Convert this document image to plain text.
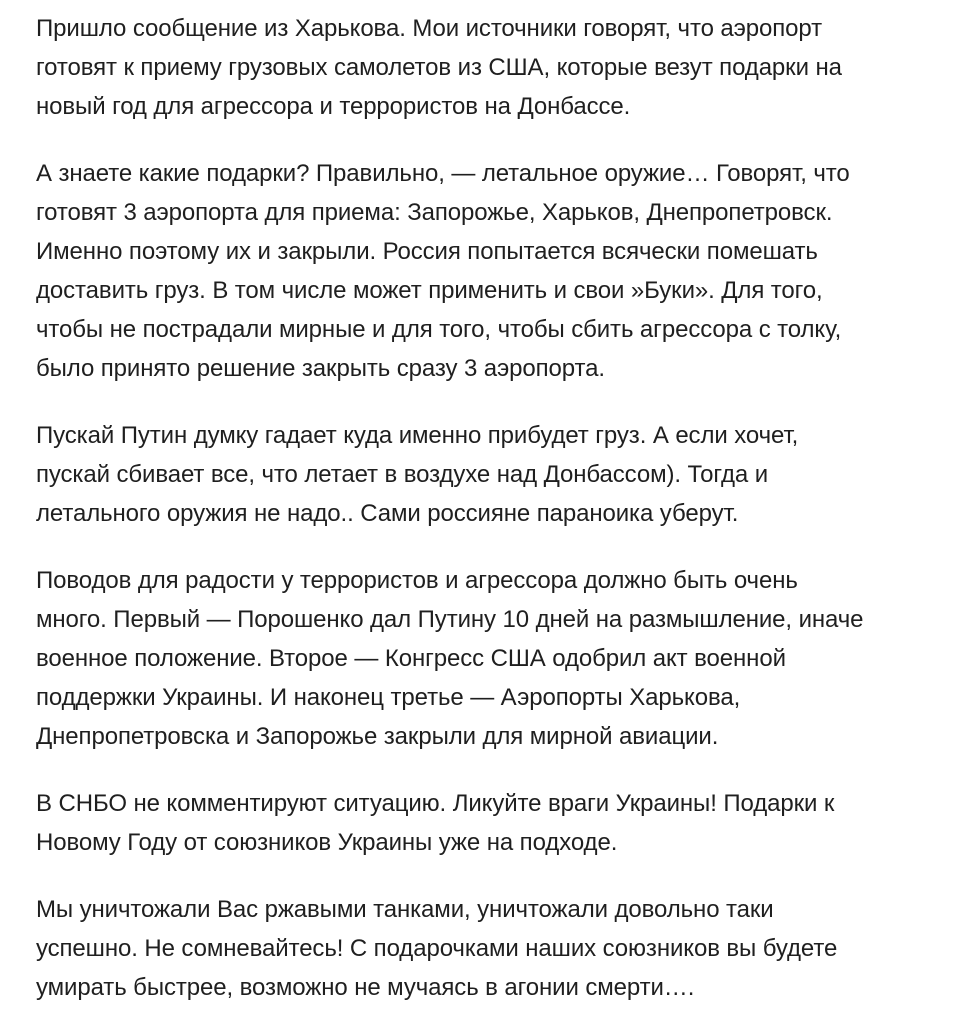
Пришло сообщение из Харькова. Мои источники говорят, что аэропорт
готовят к приему грузовых самолетов из США, которые везут подарки на
новый год для агрессора и террористов на Донбассе.

А знаете какие подарки? Правильно, — летальное оружие… Говорят, что
готовят 3 аэропорта для приема: Запорожье, Харьков, Днепропетровск.
Именно поэтому их и закрыли. Россия попытается всячески помешать
доставить груз. В том числе может применить и свои »Буки». Для того,
чтобы не пострадали мирные и для того, чтобы сбить агрессора с толку,
было принято решение закрыть сразу 3 аэропорта.

Пускай Путин думку гадает куда именно прибудет груз. А если хочет,
пускай сбивает все, что летает в воздухе над Донбассом). Тогда и
летального оружия не надо.. Сами россияне параноика уберут.

Поводов для радости у террористов и агрессора должно быть очень
много. Первый — Порошенко дал Путину 10 дней на размышление, иначе
военное положение. Второе — Конгресс США одобрил акт военной
поддержки Украины. И наконец третье — Аэропорты Харькова,
Днепропетровска и Запорожье закрыли для мирной авиации.

В СНБО не комментируют ситуацию. Ликуйте враги Украины! Подарки к
Новому Году от союзников Украины уже на подходе.

Мы уничтожали Вас ржавыми танками, уничтожали довольно таки
успешно. Не сомневайтесь! С подарочками наших союзников вы будете
умирать быстрее, возможно не мучаясь в агонии смерти….
